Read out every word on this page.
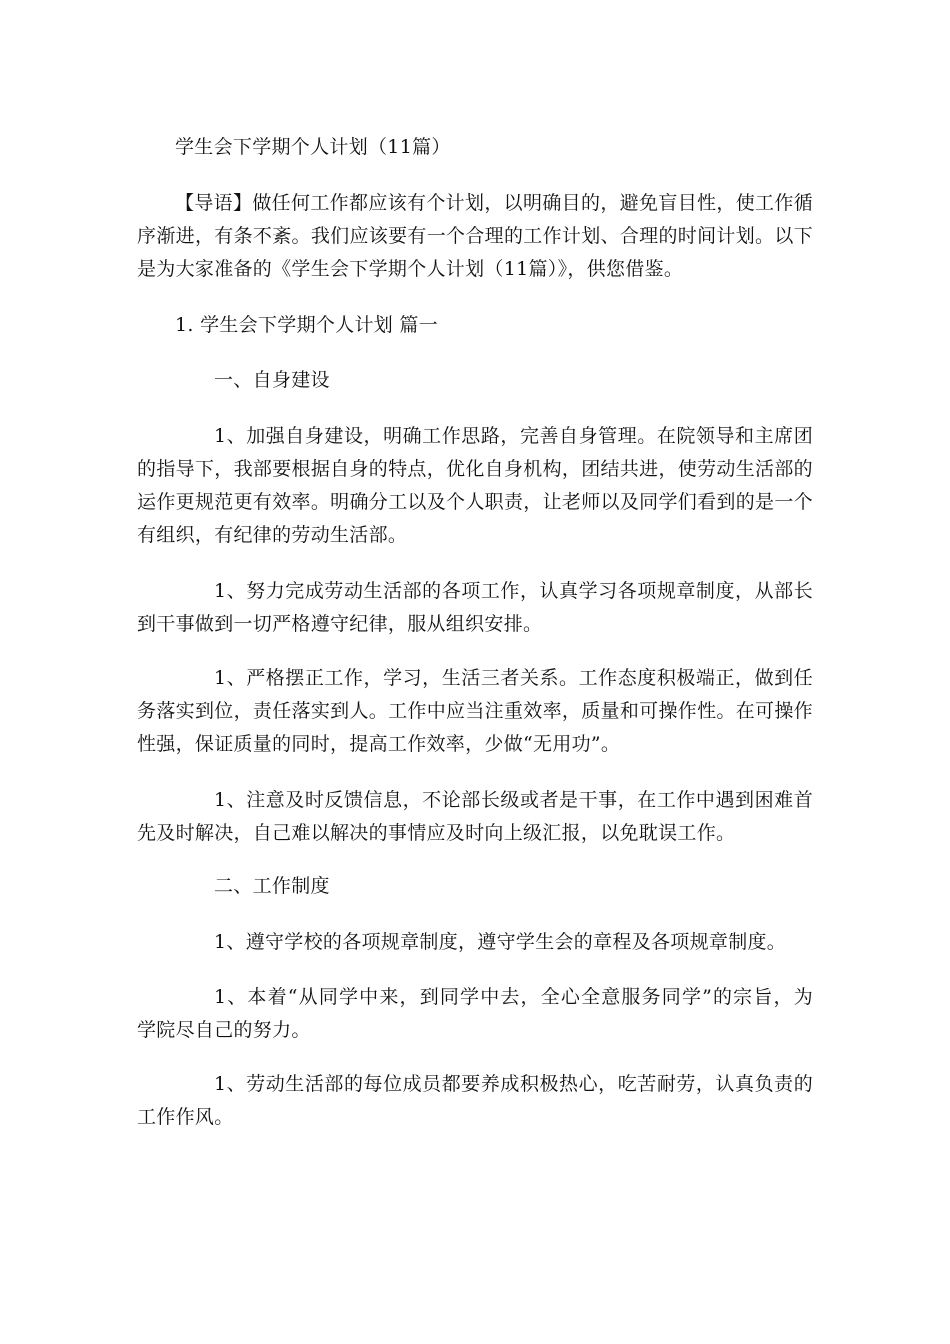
学生会下学期个人计划（11篇）
【导语】做任何工作都应该有个计划，以明确目的，避免盲目性，使工作循
序渐进，有条不紊。我们应该要有一个合理的工作计划、合理的时间计划。以下
是为大家准备的《学生会下学期个人计划（11篇）》，供您借鉴。
1. 学生会下学期个人计划 篇一
一、自身建设
1、加强自身建设，明确工作思路，完善自身管理。在院领导和主席团
的指导下，我部要根据自身的特点，优化自身机构，团结共进，使劳动生活部的
运作更规范更有效率。明确分工以及个人职责，让老师以及同学们看到的是一个
有组织，有纪律的劳动生活部。
1、努力完成劳动生活部的各项工作，认真学习各项规章制度，从部长
到干事做到一切严格遵守纪律，服从组织安排。
1、严格摆正工作，学习，生活三者关系。工作态度积极端正，做到任
务落实到位，责任落实到人。工作中应当注重效率，质量和可操作性。在可操作
性强，保证质量的同时，提高工作效率，少做“无用功”。
1、注意及时反馈信息，不论部长级或者是干事，在工作中遇到困难首
先及时解决，自己难以解决的事情应及时向上级汇报，以免耽误工作。
二、工作制度
1、遵守学校的各项规章制度，遵守学生会的章程及各项规章制度。
1、本着“从同学中来，到同学中去，全心全意服务同学”的宗旨，为
学院尽自己的努力。
1、劳动生活部的每位成员都要养成积极热心，吃苦耐劳，认真负责的
工作作风。
